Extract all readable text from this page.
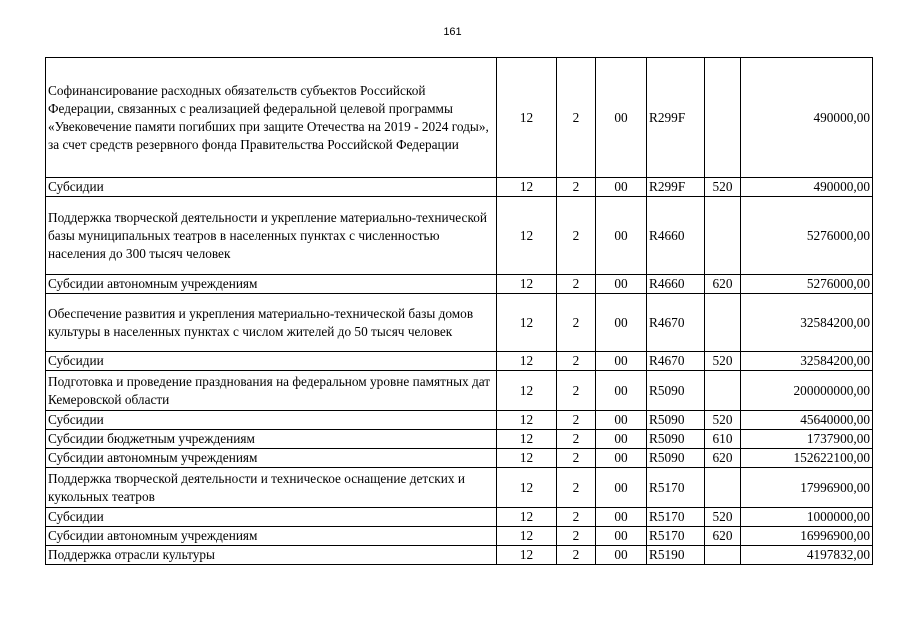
161
Софинансирование расходных обязательств субъектов Российской Федерации, связанных с реализацией федеральной целевой программы «Увековечение памяти погибших при защите Отечества на 2019 - 2024 годы», за счет средств резервного фонда Правительства Российской Федерации	12	2	00	R299F		490000,00
Субсидии	12	2	00	R299F	520	490000,00
Поддержка творческой деятельности и укрепление материально-технической базы муниципальных театров в населенных пунктах с численностью населения до 300 тысяч человек	12	2	00	R4660		5276000,00
Субсидии автономным учреждениям	12	2	00	R4660	620	5276000,00
Обеспечение развития и укрепления материально-технической базы домов культуры в населенных пунктах с числом жителей до 50 тысяч человек	12	2	00	R4670		32584200,00
Субсидии	12	2	00	R4670	520	32584200,00
Подготовка и проведение празднования на федеральном уровне памятных дат Кемеровской области	12	2	00	R5090		200000000,00
Субсидии	12	2	00	R5090	520	45640000,00
Субсидии бюджетным учреждениям	12	2	00	R5090	610	1737900,00
Субсидии автономным учреждениям	12	2	00	R5090	620	152622100,00
Поддержка творческой деятельности и техническое оснащение детских и кукольных театров	12	2	00	R5170		17996900,00
Субсидии	12	2	00	R5170	520	1000000,00
Субсидии автономным учреждениям	12	2	00	R5170	620	16996900,00
Поддержка отрасли культуры	12	2	00	R5190		4197832,00
